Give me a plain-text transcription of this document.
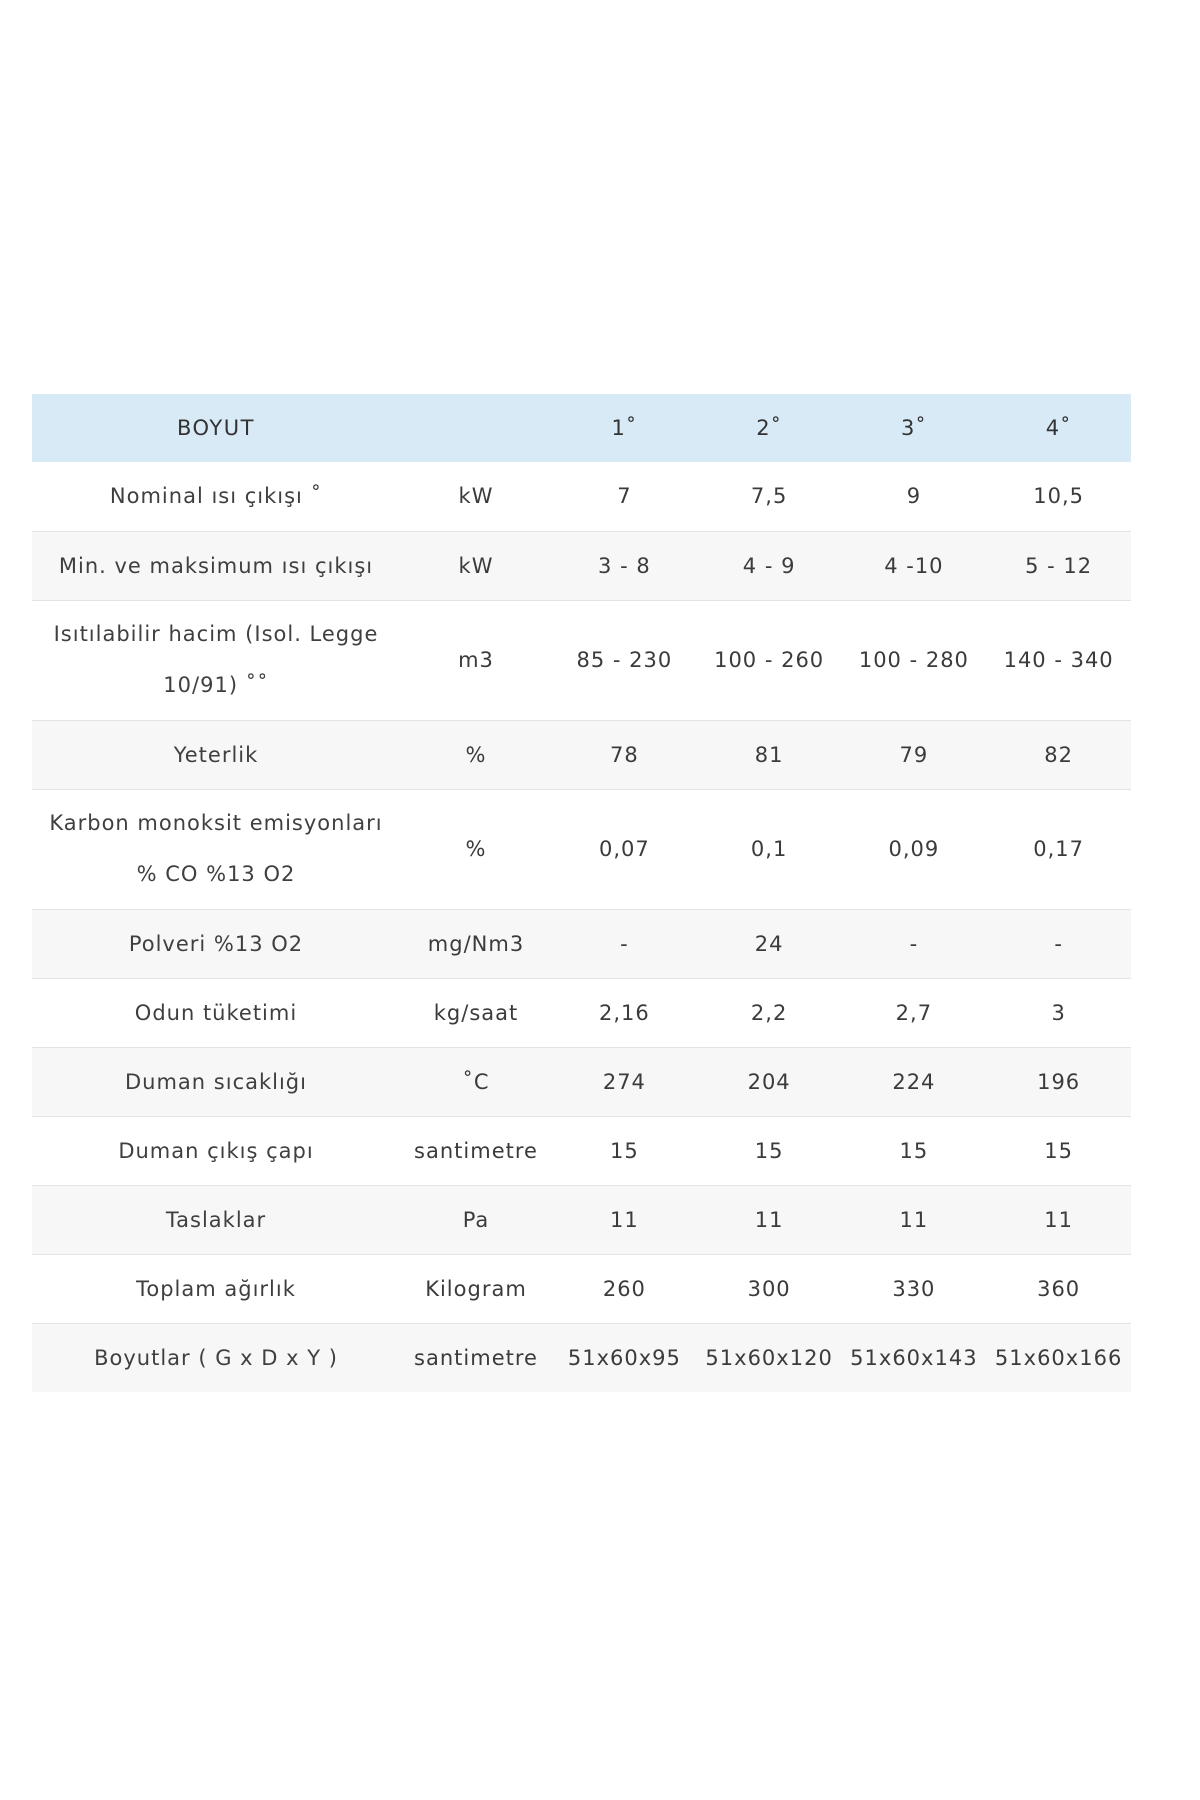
BOYUT		1˚	2˚	3˚	4˚
Nominal ısı çıkışı ˚	kW	7	7,5	9	10,5
Min. ve maksimum ısı çıkışı	kW	3 - 8	4 - 9	4 -10	5 - 12
Isıtılabilir hacim (Isol. Legge 10/91) ˚˚	m3	85 - 230	100 - 260	100 - 280	140 - 340
Yeterlik	%	78	81	79	82
Karbon monoksit emisyonları % CO %13 O2	%	0,07	0,1	0,09	0,17
Polveri %13 O2	mg/Nm3	-	24	-	-
Odun tüketimi	kg/saat	2,16	2,2	2,7	3
Duman sıcaklığı	˚C	274	204	224	196
Duman çıkış çapı	santimetre	15	15	15	15
Taslaklar	Pa	11	11	11	11
Toplam ağırlık	Kilogram	260	300	330	360
Boyutlar ( G x D x Y )	santimetre	51x60x95	51x60x120	51x60x143	51x60x166
